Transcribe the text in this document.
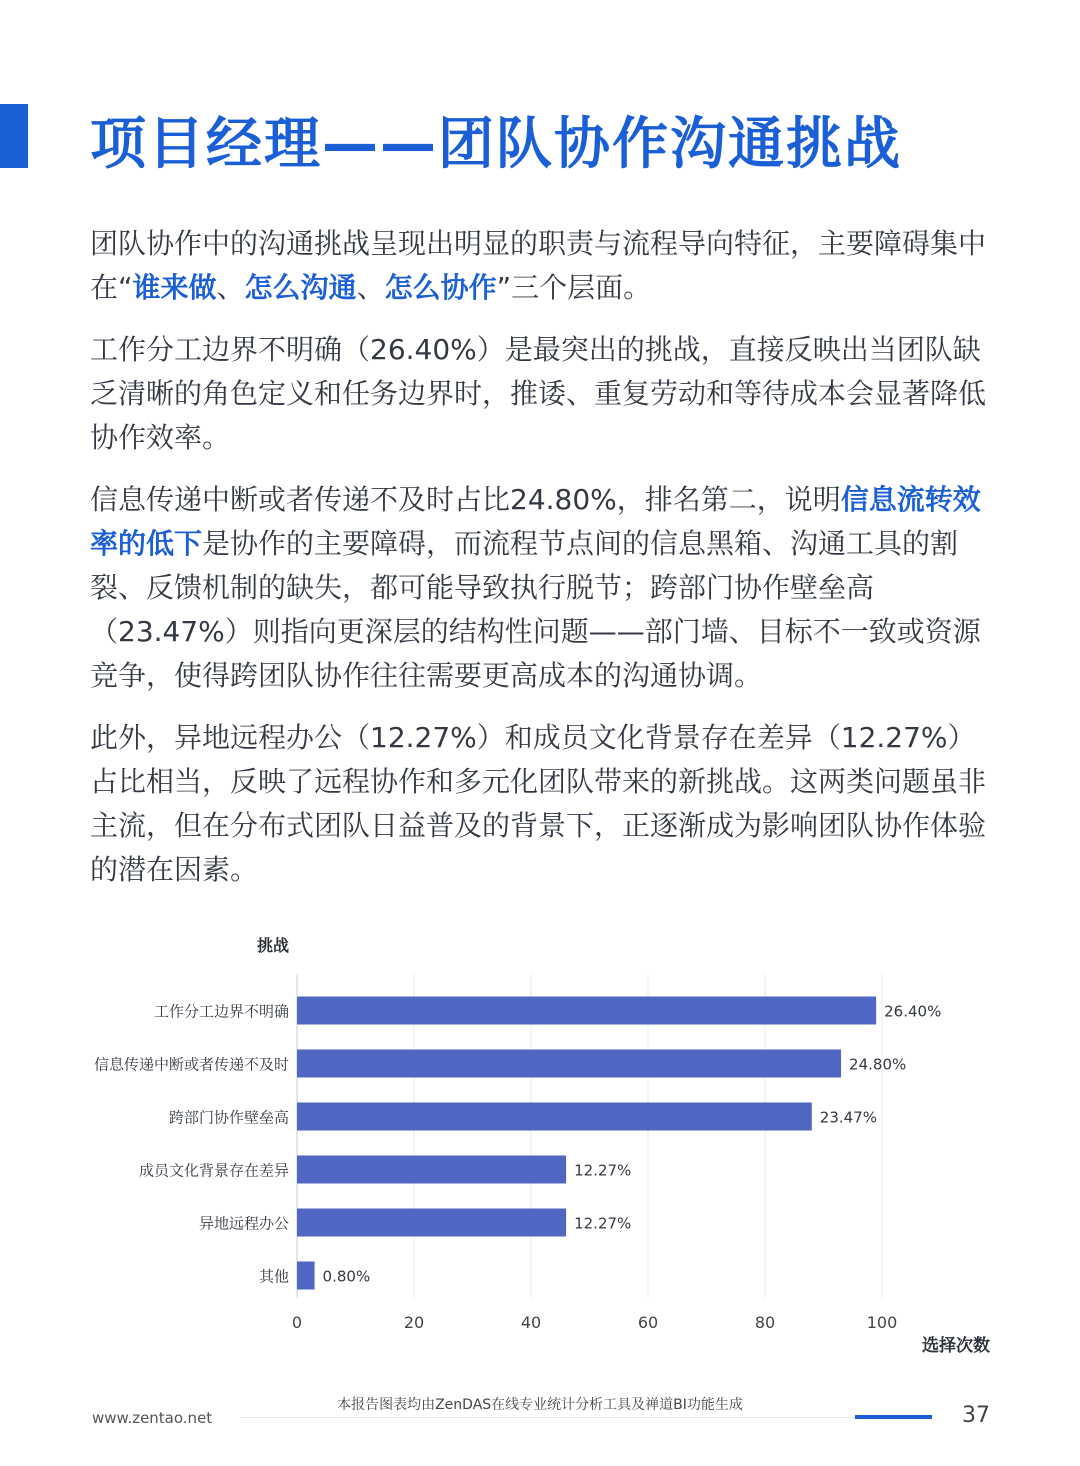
项目经理——团队协作沟通挑战

团队协作中的沟通挑战呈现出明显的职责与流程导向特征，主要障碍集中在“谁来做、怎么沟通、怎么协作”三个层面。

工作分工边界不明确（26.40%）是最突出的挑战，直接反映出当团队缺乏清晰的角色定义和任务边界时，推诿、重复劳动和等待成本会显著降低协作效率。

信息传递中断或者传递不及时占比24.80%，排名第二，说明信息流转效率的低下是协作的主要障碍，而流程节点间的信息黑箱、沟通工具的割裂、反馈机制的缺失，都可能导致执行脱节；跨部门协作壁垒高（23.47%）则指向更深层的结构性问题——部门墙、目标不一致或资源竞争，使得跨团队协作往往需要更高成本的沟通协调。

此外，异地远程办公（12.27%）和成员文化背景存在差异（12.27%）占比相当，反映了远程协作和多元化团队带来的新挑战。这两类问题虽非主流，但在分布式团队日益普及的背景下，正逐渐成为影响团队协作体验的潜在因素。

0	20	40	60	80	100
挑战
选择次数
工作分工边界不明确	26.40%
信息传递中断或者传递不及时	24.80%
跨部门协作壁垒高	23.47%
成员文化背景存在差异	12.27%
异地远程办公	12.27%
其他 0.80%
本报告图表均由ZenDAS在线专业统计分析工具及禅道BI功能生成
www.zentao.net	37
